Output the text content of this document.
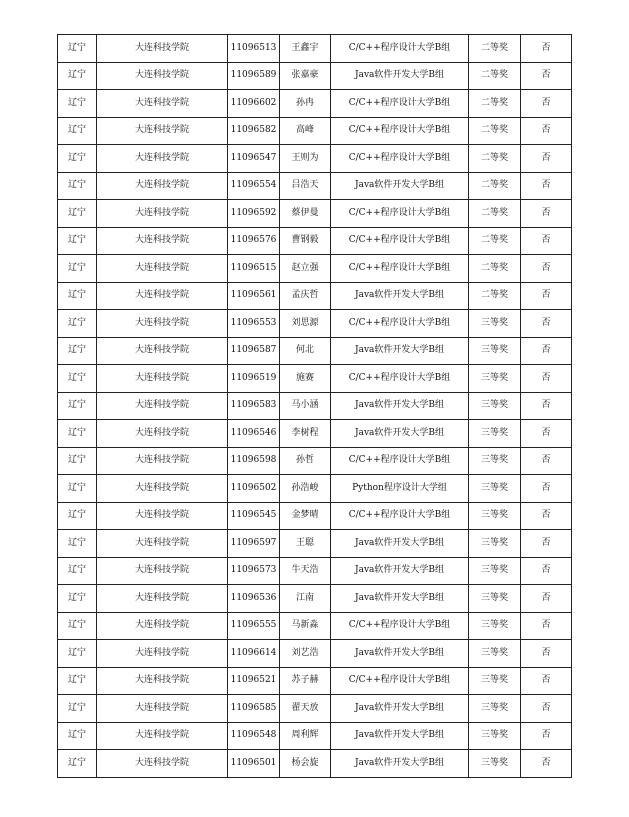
辽宁	大连科技学院	11096513	王鑫宇	C/C++程序设计大学B组	二等奖	否
辽宁	大连科技学院	11096589	张嘉豪	Java软件开发大学B组	二等奖	否
辽宁	大连科技学院	11096602	孙冉	C/C++程序设计大学B组	二等奖	否
辽宁	大连科技学院	11096582	高峰	C/C++程序设计大学B组	二等奖	否
辽宁	大连科技学院	11096547	王则为	C/C++程序设计大学B组	二等奖	否
辽宁	大连科技学院	11096554	吕浩天	Java软件开发大学B组	二等奖	否
辽宁	大连科技学院	11096592	蔡伊曼	C/C++程序设计大学B组	二等奖	否
辽宁	大连科技学院	11096576	曹钢毅	C/C++程序设计大学B组	二等奖	否
辽宁	大连科技学院	11096515	赵立强	C/C++程序设计大学B组	二等奖	否
辽宁	大连科技学院	11096561	孟庆哲	Java软件开发大学B组	二等奖	否
辽宁	大连科技学院	11096553	刘思源	C/C++程序设计大学B组	三等奖	否
辽宁	大连科技学院	11096587	何北	Java软件开发大学B组	三等奖	否
辽宁	大连科技学院	11096519	施赛	C/C++程序设计大学B组	三等奖	否
辽宁	大连科技学院	11096583	马小涵	Java软件开发大学B组	三等奖	否
辽宁	大连科技学院	11096546	李树程	Java软件开发大学B组	三等奖	否
辽宁	大连科技学院	11096598	孙哲	C/C++程序设计大学B组	三等奖	否
辽宁	大连科技学院	11096502	孙浩峻	Python程序设计大学组	三等奖	否
辽宁	大连科技学院	11096545	金梦晴	C/C++程序设计大学B组	三等奖	否
辽宁	大连科技学院	11096597	王聪	Java软件开发大学B组	三等奖	否
辽宁	大连科技学院	11096573	牛天浩	Java软件开发大学B组	三等奖	否
辽宁	大连科技学院	11096536	江南	Java软件开发大学B组	三等奖	否
辽宁	大连科技学院	11096555	马新淼	C/C++程序设计大学B组	三等奖	否
辽宁	大连科技学院	11096614	刘艺浩	Java软件开发大学B组	三等奖	否
辽宁	大连科技学院	11096521	苏子赫	C/C++程序设计大学B组	三等奖	否
辽宁	大连科技学院	11096585	翟天放	Java软件开发大学B组	三等奖	否
辽宁	大连科技学院	11096548	周利辉	Java软件开发大学B组	三等奖	否
辽宁	大连科技学院	11096501	杨会旋	Java软件开发大学B组	三等奖	否
